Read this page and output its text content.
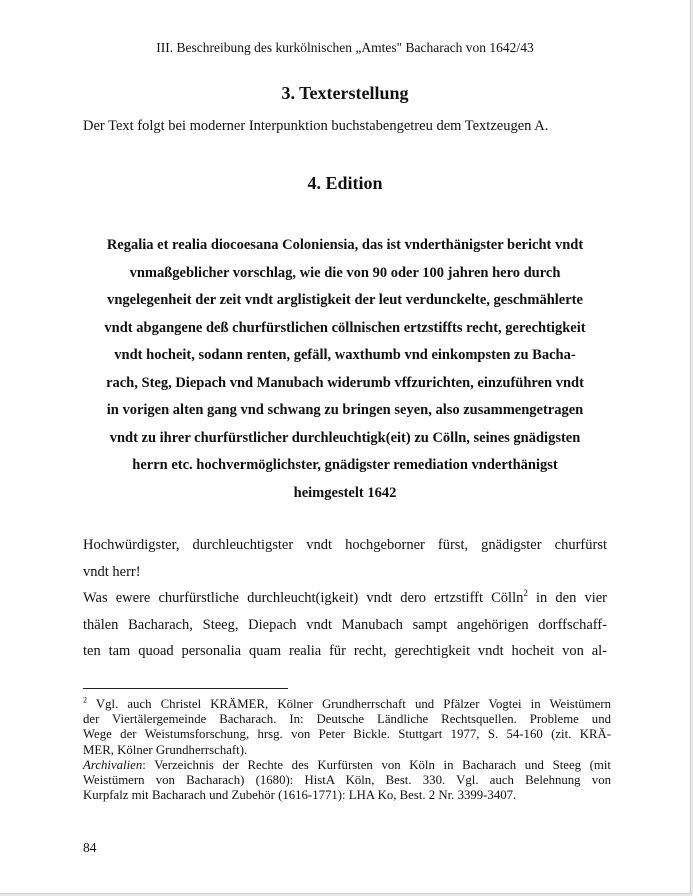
III. Beschreibung des kurkölnischen „Amtes" Bacharach von 1642/43
3. Texterstellung
Der Text folgt bei moderner Interpunktion buchstabengetreu dem Textzeugen A.
4. Edition
Regalia et realia diocoesana Coloniensia, das ist vnderthänigster bericht vndt
vnmaßgeblicher vorschlag, wie die von 90 oder 100 jahren hero durch
vngelegenheit der zeit vndt arglistigkeit der leut verdunckelte, geschmählerte
vndt abgangene deß churfürstlichen cöllnischen ertzstiffts recht, gerechtigkeit
vndt hocheit, sodann renten, gefäll, waxthumb vnd einkompsten zu Bacha-
rach, Steg, Diepach vnd Manubach widerumb vffzurichten, einzuführen vndt
in vorigen alten gang vnd schwang zu bringen seyen, also zusammengetragen
vndt zu ihrer churfürstlicher durchleuchtigk(eit) zu Cölln, seines gnädigsten
herrn etc. hochvermöglichster, gnädigster remediation vnderthänigst
heimgestelt 1642
Hochwürdigster, durchleuchtigster vndt hochgeborner fürst, gnädigster churfürst
vndt herr!
Was ewere churfürstliche durchleucht(igkeit) vndt dero ertzstifft Cölln$^2$ in den vier
thälen Bacharach, Steeg, Diepach vndt Manubach sampt angehörigen dorffschaff-
ten tam quoad personalia quam realia für recht, gerechtigkeit vndt hocheit von al-
$^2$ Vgl. auch Christel KRÄMER, Kölner Grundherrschaft und Pfälzer Vogtei in Weistümern
der Viertälergemeinde Bacharach. In: Deutsche Ländliche Rechtsquellen. Probleme und
Wege der Weistumsforschung, hrsg. von Peter Bickle. Stuttgart 1977, S. 54-160 (zit. KRÄ-
MER, Kölner Grundherrschaft).
Archivalien: Verzeichnis der Rechte des Kurfürsten von Köln in Bacharach und Steeg (mit
Weistümern von Bacharach) (1680): HistA Köln, Best. 330. Vgl. auch Belehnung von
Kurpfalz mit Bacharach und Zubehör (1616-1771): LHA Ko, Best. 2 Nr. 3399-3407.
84
